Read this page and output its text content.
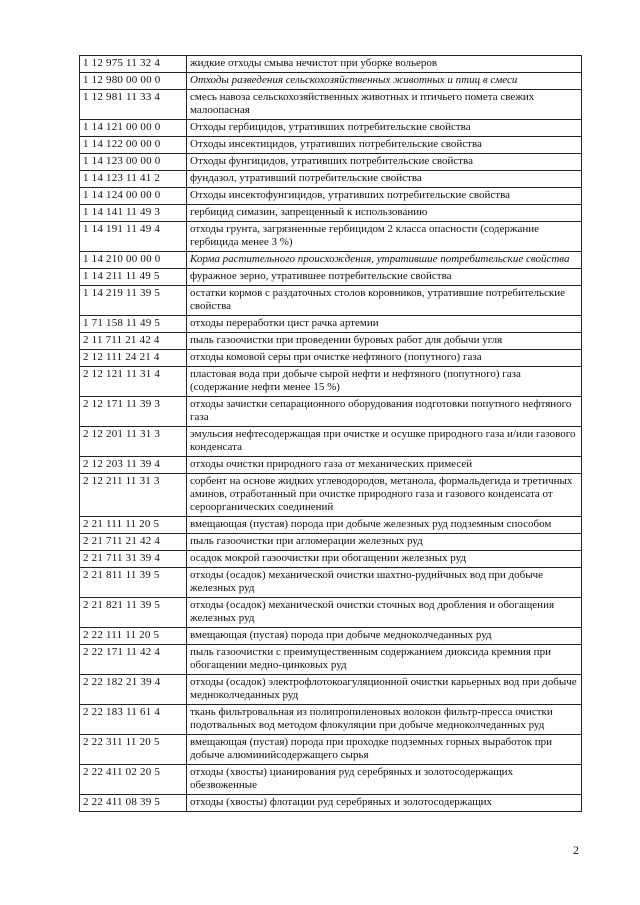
1 12 975 11 32 4	жидкие отходы смыва нечистот при уборке вольеров
1 12 980 00 00 0	Отходы разведения сельскохозяйственных животных и птиц в смеси
1 12 981 11 33 4	смесь навоза сельскохозяйственных животных и птичьего помета свежих малоопасная
1 14 121 00 00 0	Отходы гербицидов, утративших потребительские свойства
1 14 122 00 00 0	Отходы инсектицидов, утративших потребительские свойства
1 14 123 00 00 0	Отходы фунгицидов, утративших потребительские свойства
1 14 123 11 41 2	фундазол, утративший потребительские свойства
1 14 124 00 00 0	Отходы инсектофунгицидов, утративших потребительские свойства
1 14 141 11 49 3	гербицид симазин, запрещенный к использованию
1 14 191 11 49 4	отходы грунта, загрязненные гербицидом 2 класса опасности (содержание гербицида менее 3 %)
1 14 210 00 00 0	Корма растительного происхождения, утратившие потребительские свойства
1 14 211 11 49 5	фуражное зерно, утратившее потребительские свойства
1 14 219 11 39 5	остатки кормов с раздаточных столов коровников, утратившие потребительские свойства
1 71 158 11 49 5	отходы переработки цист рачка артемии
2 11 711 21 42 4	пыль газоочистки при проведении буровых работ для добычи угля
2 12 111 24 21 4	отходы комовой серы при очистке нефтяного (попутного) газа
2 12 121 11 31 4	пластовая вода при добыче сырой нефти и нефтяного (попутного) газа (содержание нефти менее 15 %)
2 12 171 11 39 3	отходы зачистки сепарационного оборудования подготовки попутного нефтяного газа
2 12 201 11 31 3	эмульсия нефтесодержащая при очистке и осушке природного газа и/или газового конденсата
2 12 203 11 39 4	отходы очистки природного газа от механических примесей
2 12 211 11 31 3	сорбент на основе жидких углеводородов, метанола, формальдегида и третичных аминов, отработанный при очистке природного газа и газового конденсата от сероорганических соединений
2 21 111 11 20 5	вмещающая (пустая) порода при добыче железных руд подземным способом
2 21 711 21 42 4	пыль газоочистки при агломерации железных руд
2 21 711 31 39 4	осадок мокрой газоочистки при обогащении железных руд
2 21 811 11 39 5	отходы (осадок) механической очистки шахтно-руднйчных вод при добыче железных руд
2 21 821 11 39 5	отходы (осадок) механической очистки сточных вод дробления и обогащения железных руд
2 22 111 11 20 5	вмещающая (пустая) порода при добыче медноколчеданных руд
2 22 171 11 42 4	пыль газоочистки с преимущественным содержанием диоксида кремния при обогащении медно-цинковых руд
2 22 182 21 39 4	отходы (осадок) электрофлотокоагуляционной очистки карьерных вод при добыче медноколчеданных руд
2 22 183 11 61 4	ткань фильтровальная из полипропиленовых волокон фильтр-пресса очистки подотвальных вод методом флокуляции при добыче медноколчеданных руд
2 22 311 11 20 5	вмещающая (пустая) порода при проходке подземных горных выработок при добыче алюминийсодержащего сырья
2 22 411 02 20 5	отходы (хвосты) цианирования руд серебряных и золотосодержащих обезвоженные
2 22 411 08 39 5	отходы (хвосты) флотации руд серебряных и золотосодержащих
2
